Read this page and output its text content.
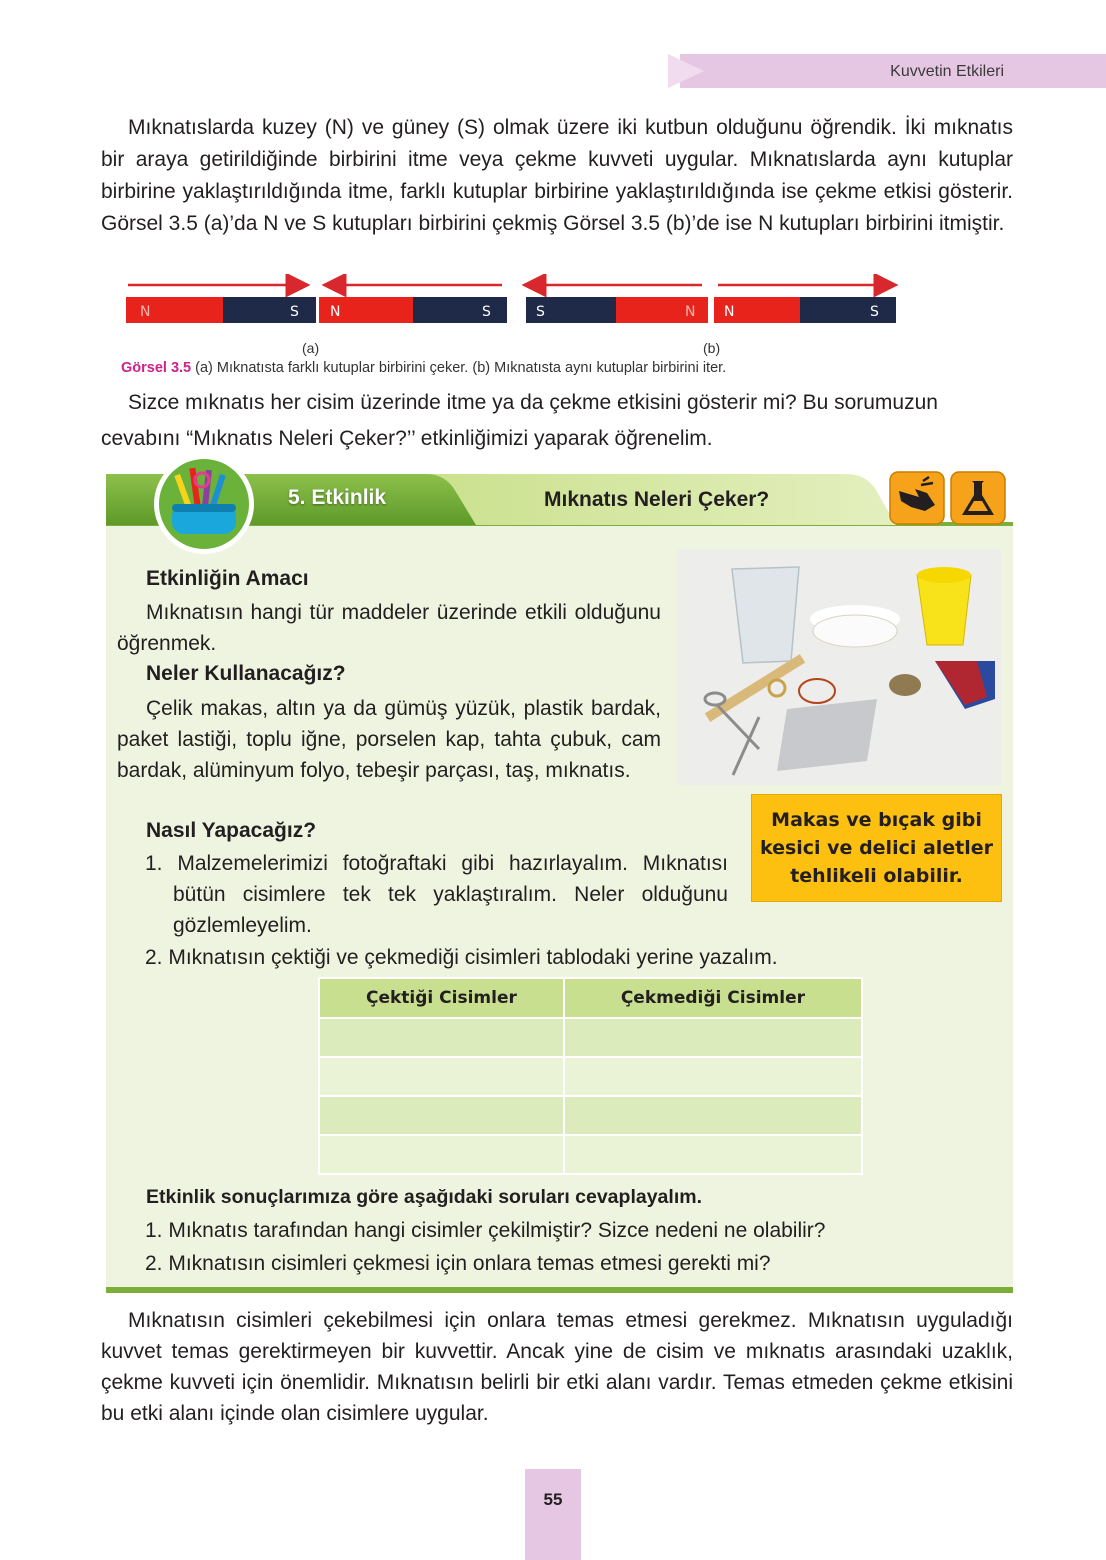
Kuvvetin Etkileri

Mıknatıslarda kuzey (N) ve güney (S) olmak üzere iki kutbun olduğunu öğrendik. İki mıknatıs bir araya getirildiğinde birbirini itme veya çekme kuvveti uygular. Mıknatıslarda aynı kutuplar birbirine yaklaştırıldığında itme, farklı kutuplar birbirine yaklaştırıldığında ise çekme etkisi gösterir. Görsel 3.5 (a)’da N ve S kutupları birbirini çekmiş Görsel 3.5 (b)’de ise N kutupları birbirini itmiştir.

N	S N	S	S	N N	S
(a)	(b)
Görsel 3.5 (a) Mıknatısta farklı kutuplar birbirini çeker. (b) Mıknatısta aynı kutuplar birbirini iter.

Sizce mıknatıs her cisim üzerinde itme ya da çekme etkisini gösterir mi? Bu sorumuzun cevabını “Mıknatıs Neleri Çeker?’’ etkinliğimizi yaparak öğrenelim.

5. Etkinlik	Mıknatıs Neleri Çeker?
Etkinliğin Amacı

Mıknatısın hangi tür maddeler üzerinde etkili olduğunu öğrenmek.

Neler Kullanacağız?

Çelik makas, altın ya da gümüş yüzük, plastik bardak, paket lastiği, toplu iğne, porselen kap, tahta çubuk, cam bardak, alüminyum folyo, tebeşir parçası, taş, mıknatıs.

Nasıl Yapacağız?

1. Malzemelerimizi fotoğraftaki gibi hazırlayalım. Mıknatısı bütün cisimlere tek tek yaklaştıralım. Neler olduğunu gözlemleyelim.

2. Mıknatısın çektiği ve çekmediği cisimleri tablodaki yerine yazalım.

Makas ve bıçak gibi kesici ve delici aletler tehlikeli olabilir.
Çektiği Cisimler	Çekmediği Cisimler

Etkinlik sonuçlarımıza göre aşağıdaki soruları cevaplayalım.

1. Mıknatıs tarafından hangi cisimler çekilmiştir? Sizce nedeni ne olabilir?

2. Mıknatısın cisimleri çekmesi için onlara temas etmesi gerekti mi?

Mıknatısın cisimleri çekebilmesi için onlara temas etmesi gerekmez. Mıknatısın uyguladığı kuvvet temas gerektirmeyen bir kuvvettir. Ancak yine de cisim ve mıknatıs arasındaki uzaklık, çekme kuvveti için önemlidir. Mıknatısın belirli bir etki alanı vardır. Temas etmeden çekme etkisini bu etki alanı içinde olan cisimlere uygular.

55
